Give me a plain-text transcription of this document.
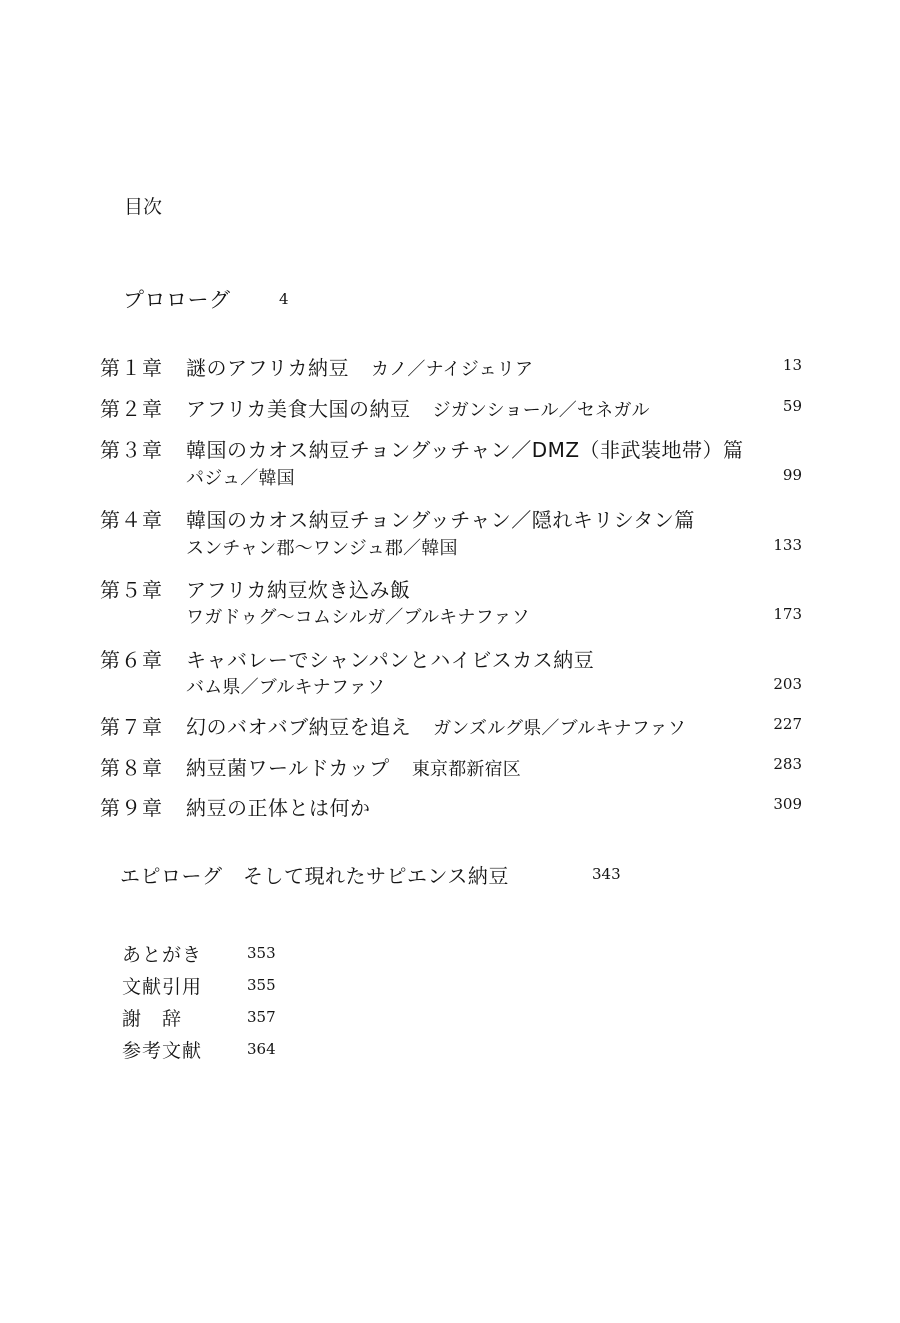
目次
プロローグ	4
第１章 謎のアフリカ納豆 カノ／ナイジェリア	13
第２章 アフリカ美食大国の納豆 ジガンショール／セネガル	59
第３章 韓国のカオス納豆チョングッチャン／DMZ（非武装地帯）篇
パジュ／韓国	99
第４章 韓国のカオス納豆チョングッチャン／隠れキリシタン篇
スンチャン郡～ワンジュ郡／韓国	133
第５章 アフリカ納豆炊き込み飯
ワガドゥグ～コムシルガ／ブルキナファソ	173
第６章 キャバレーでシャンパンとハイビスカス納豆
バム県／ブルキナファソ	203
第７章 幻のバオバブ納豆を追え ガンズルグ県／ブルキナファソ	227
第８章 納豆菌ワールドカップ 東京都新宿区	283
第９章 納豆の正体とは何か	309
エピローグ　そして現れたサピエンス納豆	343
あとがき	353
文献引用	355
謝　辞	357
参考文献	364
